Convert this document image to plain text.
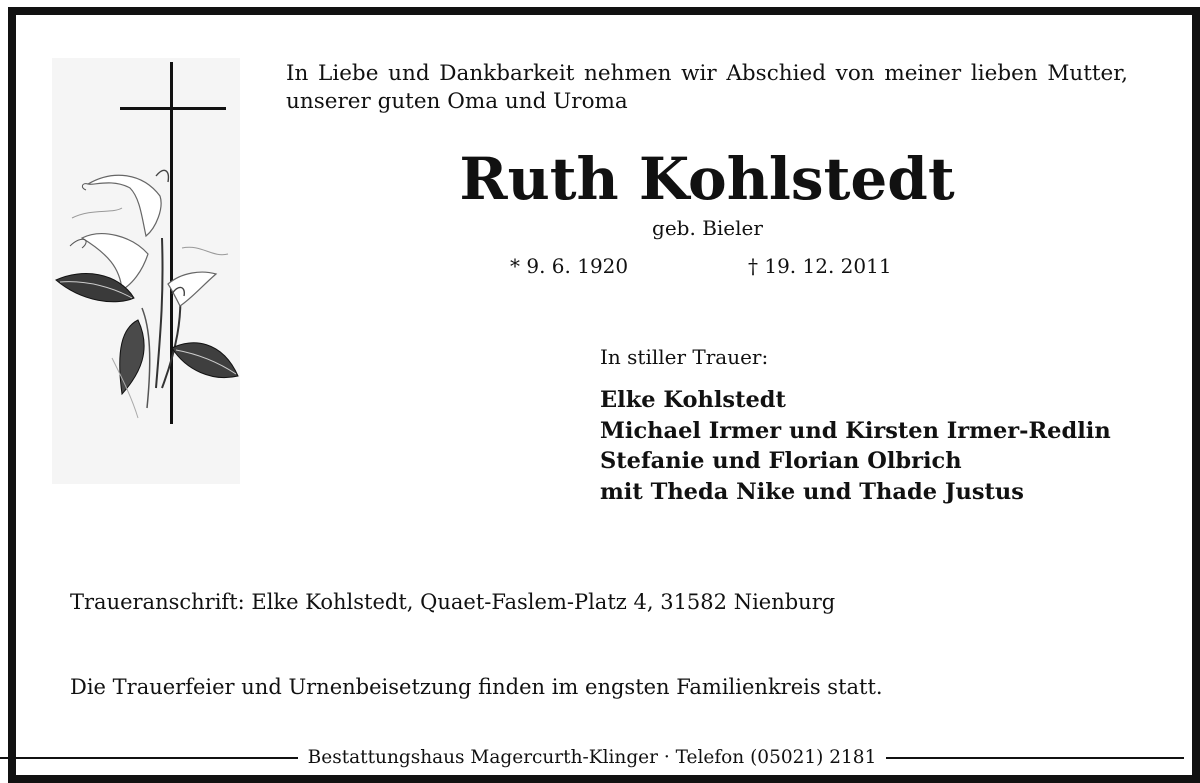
In Liebe und Dankbarkeit nehmen wir Abschied von meiner lieben Mutter, unserer guten Oma und Uroma
Ruth Kohlstedt
geb. Bieler
* 9. 6. 1920	† 19. 12. 2011
In stiller Trauer:
Elke Kohlstedt
Michael Irmer und Kirsten Irmer-Redlin
Stefanie und Florian Olbrich
mit Theda Nike und Thade Justus
Traueranschrift: Elke Kohlstedt, Quaet-Faslem-Platz 4, 31582 Nienburg
Die Trauerfeier und Urnenbeisetzung finden im engsten Familienkreis statt.
Bestattungshaus Magercurth-Klinger · Telefon (05021) 2181
